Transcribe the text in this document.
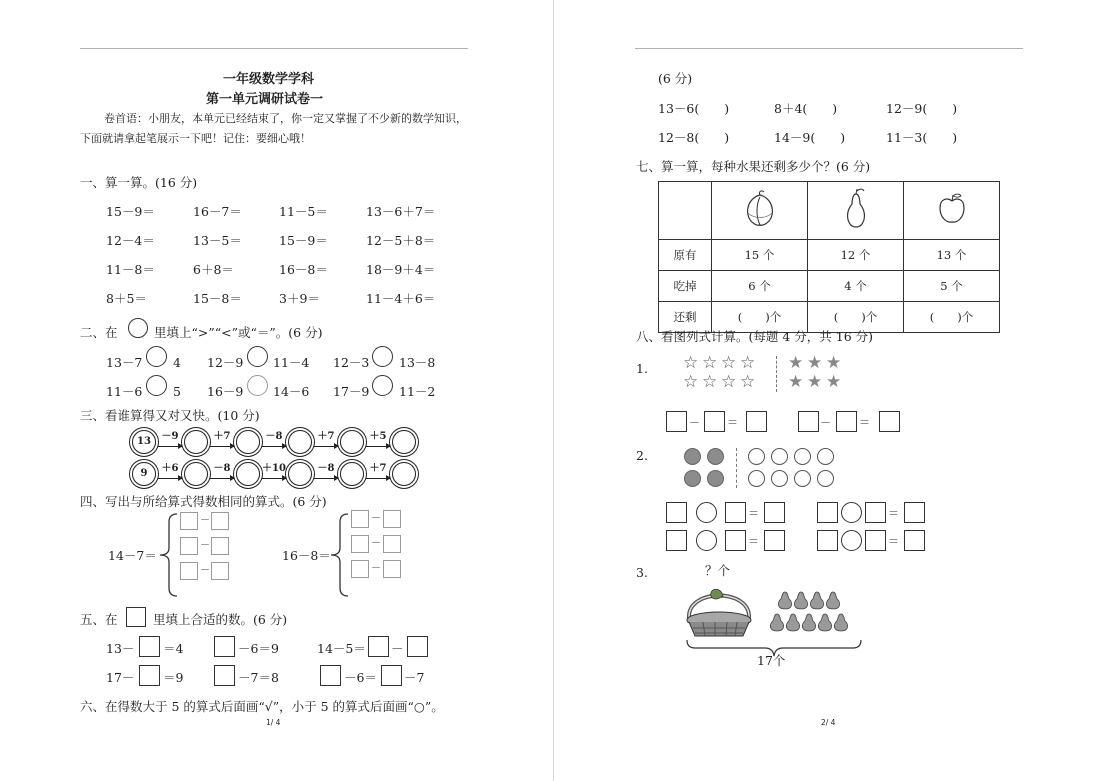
一年级数学学科
第一单元调研试卷一
卷首语：小朋友，本单元已经结束了，你一定又掌握了不少新的数学知识，
下面就请拿起笔展示一下吧！记住：要细心哦！
一、算一算。(16 分)
15－9＝	16－7＝	11－5＝	13－6＋7＝
12－4＝	13－5＝	15－9＝	12－5＋8＝
11－8＝	6＋8＝	16－8＝	18－9＋4＝
8＋5＝	15－8＝	3＋9＝	11－4＋6＝
二、在	里填上“>”“<”或“＝”。(6 分)
13－7 4 12－9 11－4 12－3 13－8
11－6 5 16－9 14－6 17－9 11－2
三、看谁算得又对又快。(10 分)
13	－9	＋7	－8	＋7	＋5
9	＋6	－8	＋10	－8	＋7
四、写出与所给算式得数相同的算式。(6 分)
14－7＝
－
－
－
16－8＝
－
－
－
五、在	里填上合适的数。(6 分)
13－ ＝4	－6＝9	14－5＝ －
17－ ＝9	－7＝8	－6＝ －7
六、在得数大于 5 的算式后面画“√”，小于 5 的算式后面画“○”。
1/ 4
(6 分)
13－6(　　)	8＋4(　　)	12－9(　　)
12－8(　　)	14－9(　　)	11－3(　　)
七、算一算，每种水果还剩多少个？(6 分)

原有	15 个	12 个	13 个
吃掉	6 个	4 个	5 个
还剩	(　　)个	(　　)个	(　　)个
八、看图列式计算。(每题 4 分，共 16 分)
1. ☆ ☆ ☆ ☆
☆ ☆ ☆ ☆
★ ★ ★
★ ★ ★
－ ＝	－	＝
2.
＝	＝
＝	＝
3.	？个
17个
2/ 4
